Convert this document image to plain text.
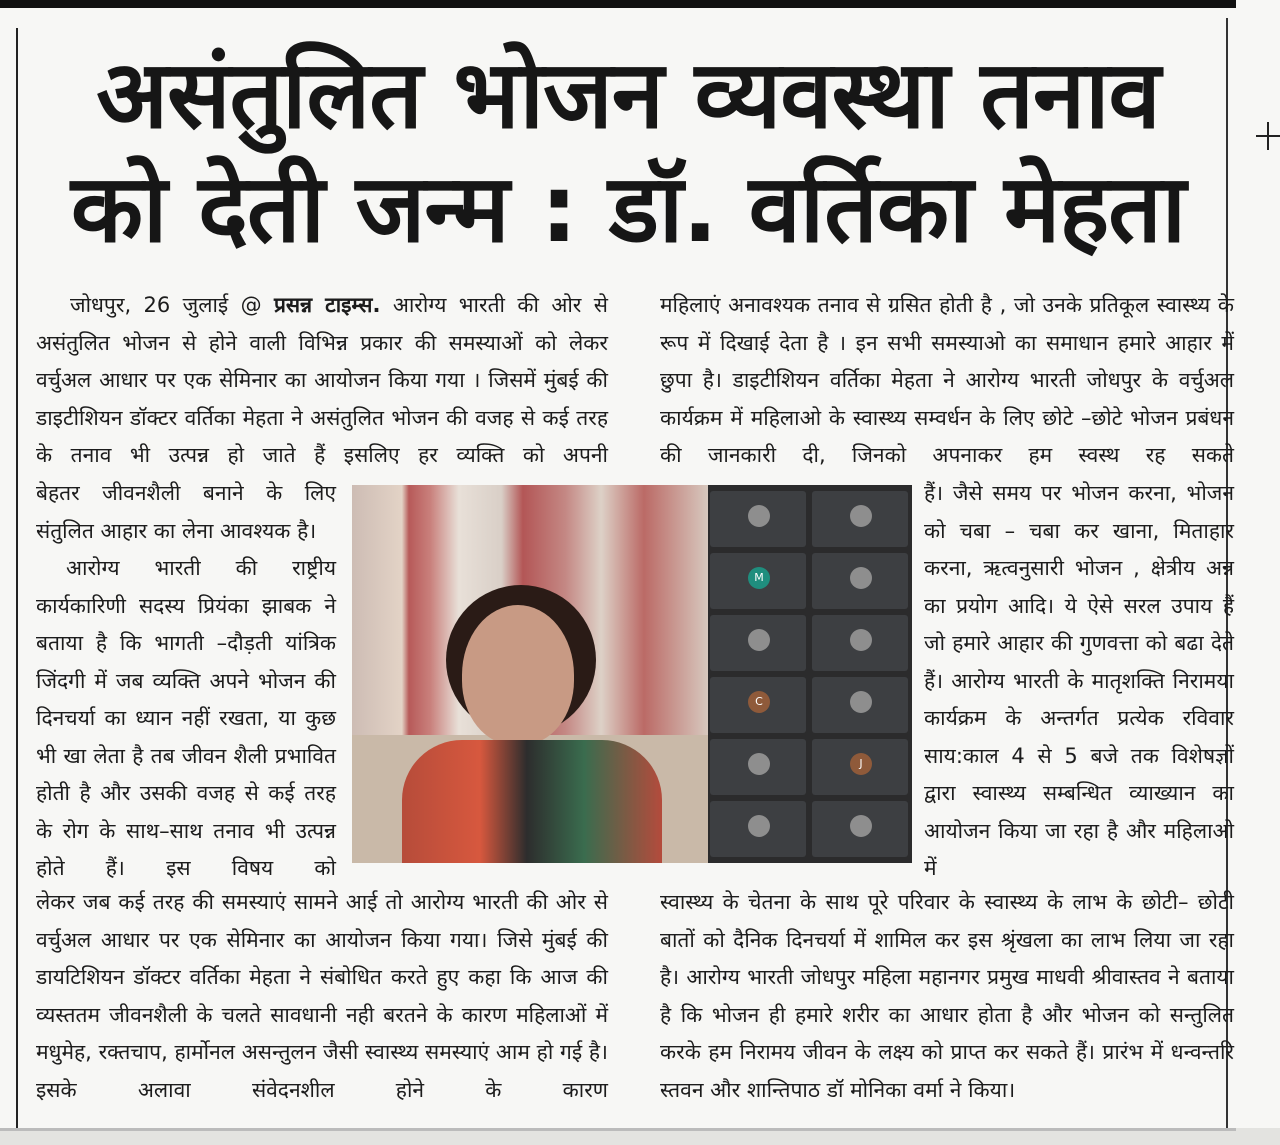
असंतुलित भोजन व्यवस्था तनाव
को देती जन्म : डॉ. वर्तिका मेहता

जोधपुर, 26 जुलाई @ प्रसन्न टाइम्स. आरोग्य भारती की ओर से असंतुलित भोजन से होने वाली विभिन्न प्रकार की समस्याओं को लेकर वर्चुअल आधार पर एक सेमिनार का आयोजन किया गया । जिसमें मुंबई की डाइटीशियन डॉक्टर वर्तिका मेहता ने असंतुलित भोजन की वजह से कई तरह के तनाव भी उत्पन्न हो जाते हैं इसलिए हर व्यक्ति को अपनी

बेहतर जीवनशैली बनाने के लिए संतुलित आहार का लेना आवश्यक है।

आरोग्य भारती की राष्ट्रीय कार्यकारिणी सदस्य प्रियंका झाबक ने बताया है कि भागती –दौड़ती यांत्रिक जिंदगी में जब व्यक्ति अपने भोजन की दिनचर्या का ध्यान नहीं रखता, या कुछ भी खा लेता है तब जीवन शैली प्रभावित होती है और उसकी वजह से कई तरह के रोग के साथ–साथ तनाव भी उत्पन्न होते हैं। इस विषय को

लेकर जब कई तरह की समस्याएं सामने आई तो आरोग्य भारती की ओर से वर्चुअल आधार पर एक सेमिनार का आयोजन किया गया। जिसे मुंबई की डायटिशियन डॉक्टर वर्तिका मेहता ने संबोधित करते हुए कहा कि आज की व्यस्ततम जीवनशैली के चलते सावधानी नही बरतने के कारण महिलाओं में मधुमेह, रक्तचाप, हार्मोनल असन्तुलन जैसी स्वास्थ्य समस्याएं आम हो गई है। इसके अलावा संवेदनशील होने के कारण

महिलाएं अनावश्यक तनाव से ग्रसित होती है , जो उनके प्रतिकूल स्वास्थ्य के रूप में दिखाई देता है । इन सभी समस्याओ का समाधान हमारे आहार में छुपा है। डाइटीशियन वर्तिका मेहता ने आरोग्य भारती जोधपुर के वर्चुअल कार्यक्रम में महिलाओ के स्वास्थ्य सम्वर्धन के लिए छोटे –छोटे भोजन प्रबंधन की जानकारी दी, जिनको अपनाकर हम स्वस्थ रह सकते

हैं। जैसे समय पर भोजन करना, भोजन को चबा – चबा कर खाना, मिताहार करना, ऋत्वनुसारी भोजन , क्षेत्रीय अन्न का प्रयोग आदि। ये ऐसे सरल उपाय हैं जो हमारे आहार की गुणवत्ता को बढा देते हैं। आरोग्य भारती के मातृशक्ति निरामया कार्यक्रम के अन्तर्गत प्रत्येक रविवार साय:काल 4 से 5 बजे तक विशेषज्ञों द्वारा स्वास्थ्य सम्बन्धित व्याख्यान का आयोजन किया जा रहा है और महिलाओ में

स्वास्थ्य के चेतना के साथ पूरे परिवार के स्वास्थ्य के लाभ के छोटी– छोटी बातों को दैनिक दिनचर्या में शामिल कर इस श्रृंखला का लाभ लिया जा रहा है। आरोग्य भारती जोधपुर महिला महानगर प्रमुख माधवी श्रीवास्तव ने बताया है कि भोजन ही हमारे शरीर का आधार होता है और भोजन को सन्तुलित करके हम निरामय जीवन के लक्ष्य को प्राप्त कर सकते हैं। प्रारंभ में धन्वन्तरि स्तवन और शान्तिपाठ डॉ मोनिका वर्मा ने किया।

M
C
J
